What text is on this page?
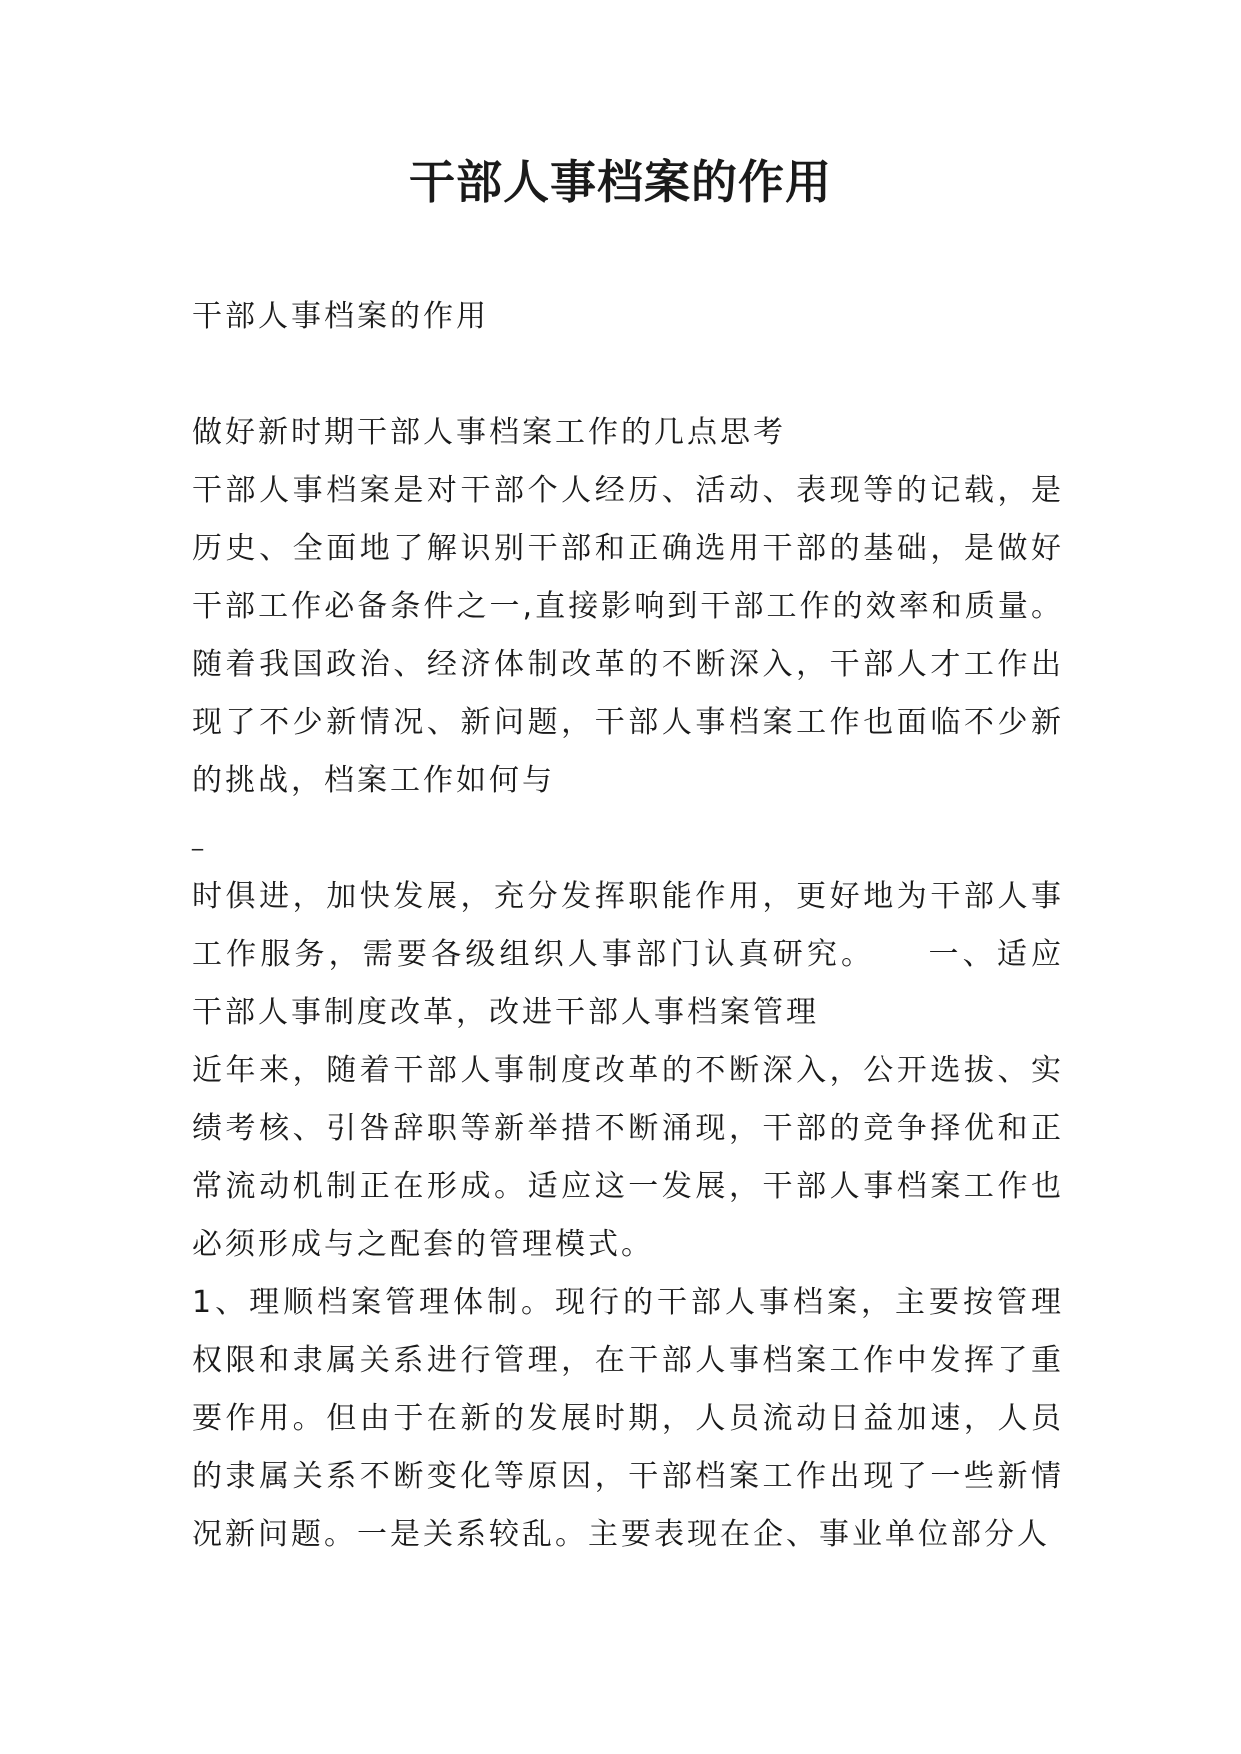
干部人事档案的作用

干部人事档案的作用

做好新时期干部人事档案工作的几点思考

干部人事档案是对干部个人经历、活动、表现等的记载，是历史、全面地了解识别干部和正确选用干部的基础，是做好干部工作必备条件之一,直接影响到干部工作的效率和质量。随着我国政治、经济体制改革的不断深入，干部人才工作出现了不少新情况、新问题，干部人事档案工作也面临不少新的挑战，档案工作如何与

_

时俱进，加快发展，充分发挥职能作用，更好地为干部人事工作服务，需要各级组织人事部门认真研究。　　一、适应干部人事制度改革，改进干部人事档案管理

近年来，随着干部人事制度改革的不断深入，公开选拔、实绩考核、引咎辞职等新举措不断涌现，干部的竞争择优和正常流动机制正在形成。适应这一发展，干部人事档案工作也必须形成与之配套的管理模式。

1、理顺档案管理体制。现行的干部人事档案，主要按管理权限和隶属关系进行管理，在干部人事档案工作中发挥了重要作用。但由于在新的发展时期，人员流动日益加速，人员的隶属关系不断变化等原因，干部档案工作出现了一些新情况新问题。一是关系较乱。主要表现在企、事业单位部分人
